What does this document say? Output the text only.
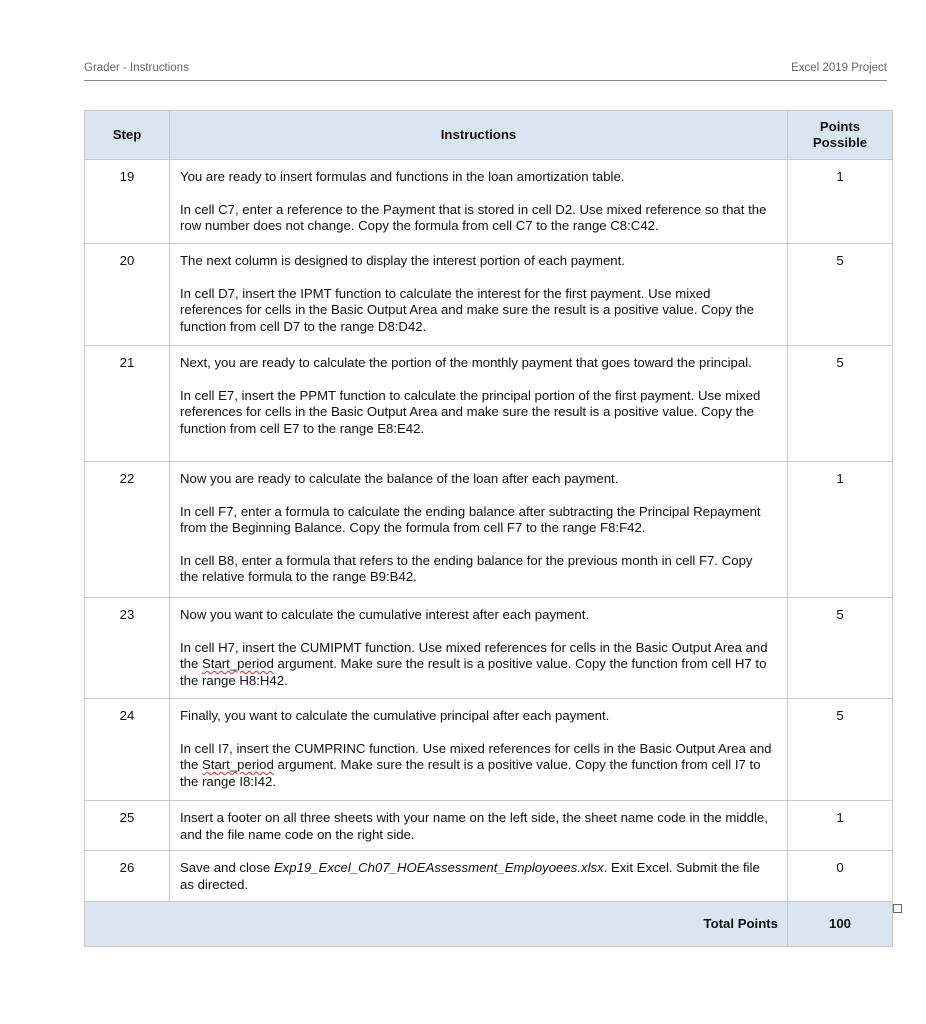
Grader - Instructions	Excel 2019 Project
Step	Instructions	Points
Possible
19	You are ready to insert formulas and functions in the loan amortization table.

In cell C7, enter a reference to the Payment that is stored in cell D2. Use mixed reference so that the row number does not change. Copy the formula from cell C7 to the range C8:C42.	1
20	The next column is designed to display the interest portion of each payment.

In cell D7, insert the IPMT function to calculate the interest for the first payment. Use mixed references for cells in the Basic Output Area and make sure the result is a positive value. Copy the function from cell D7 to the range D8:D42.	5
21	Next, you are ready to calculate the portion of the monthly payment that goes toward the principal.

In cell E7, insert the PPMT function to calculate the principal portion of the first payment. Use mixed references for cells in the Basic Output Area and make sure the result is a positive value. Copy the function from cell E7 to the range E8:E42.	5
22	Now you are ready to calculate the balance of the loan after each payment.

In cell F7, enter a formula to calculate the ending balance after subtracting the Principal Repayment from the Beginning Balance. Copy the formula from cell F7 to the range F8:F42.

In cell B8, enter a formula that refers to the ending balance for the previous month in cell F7. Copy the relative formula to the range B9:B42.	1
23	Now you want to calculate the cumulative interest after each payment.

In cell H7, insert the CUMIPMT function. Use mixed references for cells in the Basic Output Area and the Start_period argument. Make sure the result is a positive value. Copy the function from cell H7 to the range H8:H42.	5
24	Finally, you want to calculate the cumulative principal after each payment.

In cell I7, insert the CUMPRINC function. Use mixed references for cells in the Basic Output Area and the Start_period argument. Make sure the result is a positive value. Copy the function from cell I7 to the range I8:I42.	5
25	Insert a footer on all three sheets with your name on the left side, the sheet name code in the middle, and the file name code on the right side.	1
26	Save and close Exp19_Excel_Ch07_HOEAssessment_Employoees.xlsx. Exit Excel. Submit the file as directed.	0
Total Points		100
